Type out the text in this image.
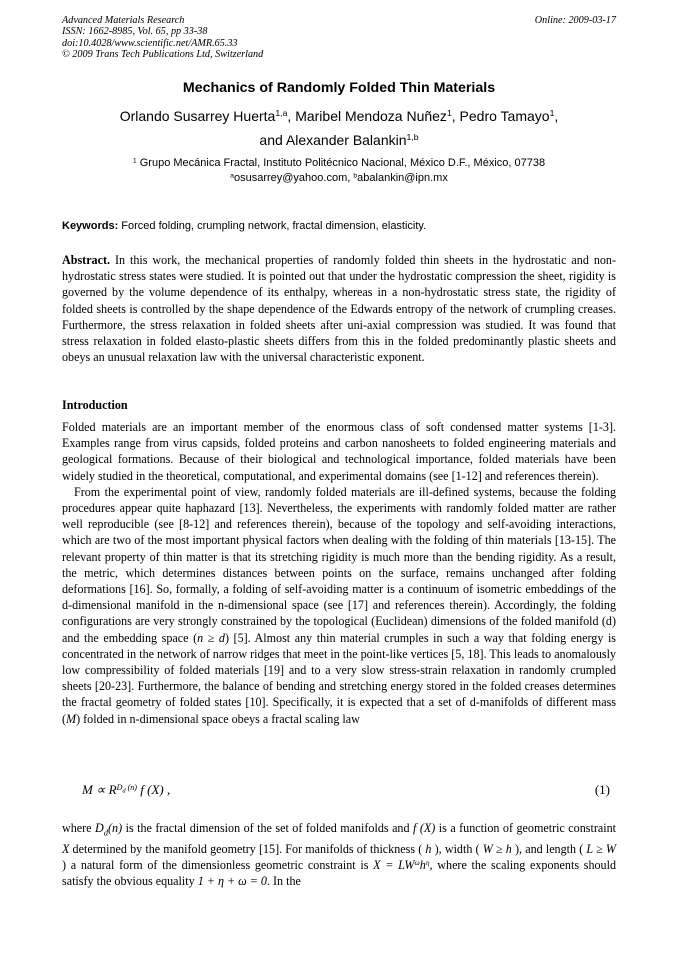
Advanced Materials Research
ISSN: 1662-8985, Vol. 65, pp 33-38
doi:10.4028/www.scientific.net/AMR.65.33
© 2009 Trans Tech Publications Ltd, Switzerland
Online: 2009-03-17
Mechanics of Randomly Folded Thin Materials
Orlando Susarrey Huerta$^{1,a}$, Maribel Mendoza Nuñez$^1$, Pedro Tamayo$^1$,
and Alexander Balankin$^{1,b}$
$^1$ Grupo Mecánica Fractal, Instituto Politécnico Nacional, México D.F., México, 07738
$^a$osusarrey@yahoo.com, $^b$abalankin@ipn.mx
Keywords: Forced folding, crumpling network, fractal dimension, elasticity.
Abstract. In this work, the mechanical properties of randomly folded thin sheets in the hydrostatic and non-hydrostatic stress states were studied. It is pointed out that under the hydrostatic compression the sheet, rigidity is governed by the volume dependence of its enthalpy, whereas in a non-hydrostatic stress state, the rigidity of folded sheets is controlled by the shape dependence of the Edwards entropy of the network of crumpling creases. Furthermore, the stress relaxation in folded sheets after uni-axial compression was studied. It was found that stress relaxation in folded elasto-plastic sheets differs from this in the folded predominantly plastic sheets and obeys an unusual relaxation law with the universal characteristic exponent.
Introduction

Folded materials are an important member of the enormous class of soft condensed matter systems [1-3]. Examples range from virus capsids, folded proteins and carbon nanosheets to folded engineering materials and geological formations. Because of their biological and technological importance, folded materials have been widely studied in the theoretical, computational, and experimental domains (see [1-12] and references therein).

From the experimental point of view, randomly folded materials are ill-defined systems, because the folding procedures appear quite haphazard [13]. Nevertheless, the experiments with randomly folded matter are rather well reproducible (see [8-12] and references therein), because of the topology and self-avoiding interactions, which are two of the most important physical factors when dealing with the folding of thin materials [13-15]. The relevant property of thin matter is that its stretching rigidity is much more than the bending rigidity. As a result, the metric, which determines distances between points on the surface, remains unchanged after folding deformations [16]. So, formally, a folding of self-avoiding matter is a continuum of isometric embeddings of the d-dimensional manifold in the n-dimensional space (see [17] and references therein). Accordingly, the folding configurations are very strongly constrained by the topological (Euclidean) dimensions of the folded manifold (d) and the embedding space (n ≥ d) [5]. Almost any thin material crumples in such a way that folding energy is concentrated in the network of narrow ridges that meet in the point-like vertices [5, 18]. This leads to anomalously low compressibility of folded materials [19] and to a very slow stress-strain relaxation in randomly crumpled sheets [20-23]. Furthermore, the balance of bending and stretching energy stored in the folded creases determines the fractal geometry of folded states [10]. Specifically, it is expected that a set of d-manifolds of different mass (M) folded in n-dimensional space obeys a fractal scaling law

$M \propto R^{D_d (n)}$ f (X) ,	(1)

where $D_d(n)$ is the fractal dimension of the set of folded manifolds and f (X) is a function of geometric constraint X determined by the manifold geometry [15]. For manifolds of thickness ( h ), width ( W ≥ h ), and length ( L ≥ W ) a natural form of the dimensionless geometric constraint is $X = LW^\omega h^\eta$, where the scaling exponents should satisfy the obvious equality 1 + η + ω = 0. In the
